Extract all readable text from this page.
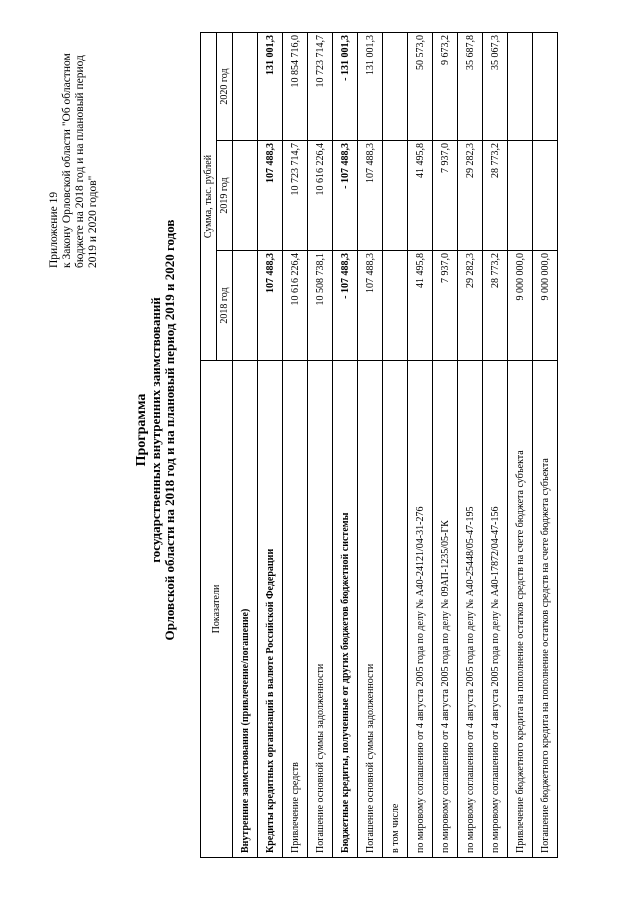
Приложение 19 к Закону Орловской области "Об областном бюджете на 2018 год и на плановый период 2019 и 2020 годов"
Программа государственных внутренних заимствований Орловской области на 2018 год и на плановый период 2019 и 2020 годов	Показатели	Сумма, тыс. рублей		
	2018 год	2019 год	2020 год
Внутренние заимствования (привлечение/погашение)			
Кредиты кредитных организаций в валюте Российской Федерации	107 488,3	107 488,3	131 001,3
Привлечение средств	10 616 226,4	10 723 714,7	10 854 716,0
Погашение основной суммы задолженности	10 508 738,1	10 616 226,4	10 723 714,7
Бюджетные кредиты, полученные от других бюджетов бюджетной системы	- 107 488,3	- 107 488,3	- 131 001,3
Погашение основной суммы задолженности	107 488,3	107 488,3	131 001,3
в том числе			
по мировому соглашению от 4 августа 2005 года по делу № А40-24121/04-31-276	41 495,8	41 495,8	50 573,0
по мировому соглашению от 4 августа 2005 года по делу № 09АП-1235/05-ГК	7 937,0	7 937,0	9 673,2
по мировому соглашению от 4 августа 2005 года по делу № А40-25448/05-47-195	29 282,3	29 282,3	35 687,8
по мировому соглашению от 4 августа 2005 года по делу № А40-17872/04-47-156	28 773,2	28 773,2	35 067,3
Привлечение бюджетного кредита на пополнение остатков средств на счете бюджета субъекта	9 000 000,0		
Погашение бюджетного кредита на пополнение остатков средств на счете бюджета субъекта	9 000 000,0		
